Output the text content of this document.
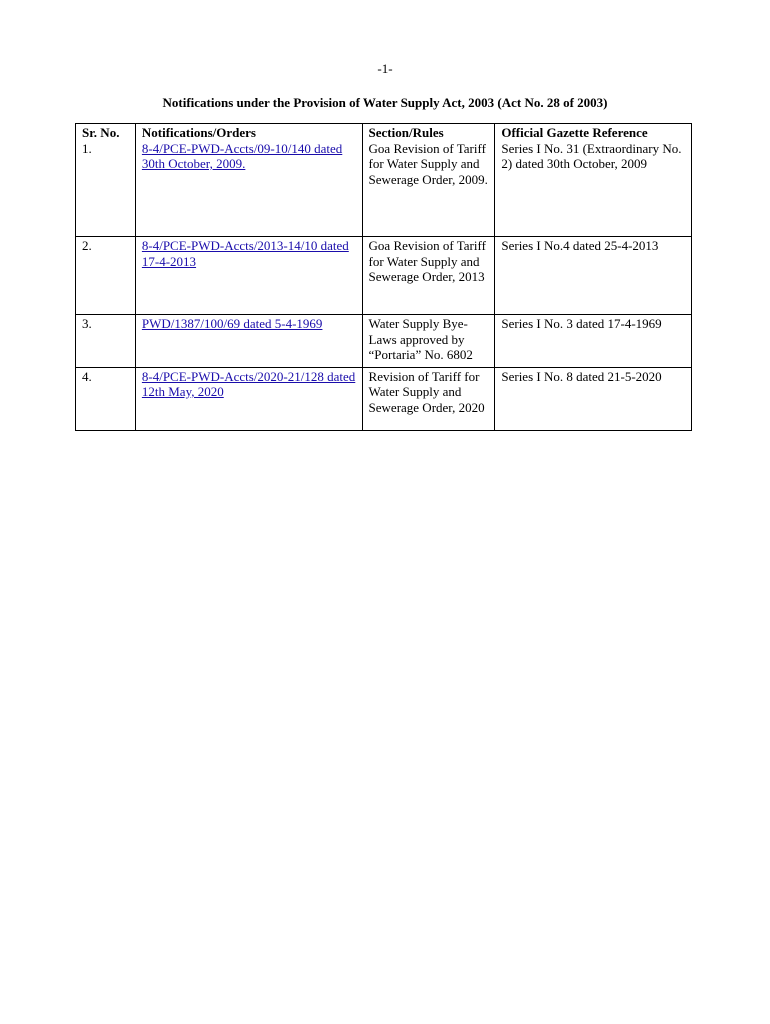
-1-
Notifications under the Provision of Water Supply Act, 2003 (Act No. 28 of 2003)
Sr. No.	Notifications/Orders	Section/Rules	Official Gazette Reference
1.	8-4/PCE-PWD-Accts/09-10/140 dated 30th October, 2009.	Goa Revision of Tariff for Water Supply and Sewerage Order, 2009.	Series I No. 31 (Extraordinary No. 2) dated 30th October, 2009
2.	8-4/PCE-PWD-Accts/2013-14/10 dated 17-4-2013	Goa Revision of Tariff for Water Supply and Sewerage Order, 2013	Series I No.4 dated 25-4-2013
3.	PWD/1387/100/69 dated 5-4-1969	Water Supply Bye-Laws approved by “Portaria” No. 6802	Series I No. 3 dated 17-4-1969
4.	8-4/PCE-PWD-Accts/2020-21/128 dated 12th May, 2020	Revision of Tariff for Water Supply and Sewerage Order, 2020	Series I No. 8 dated 21-5-2020
